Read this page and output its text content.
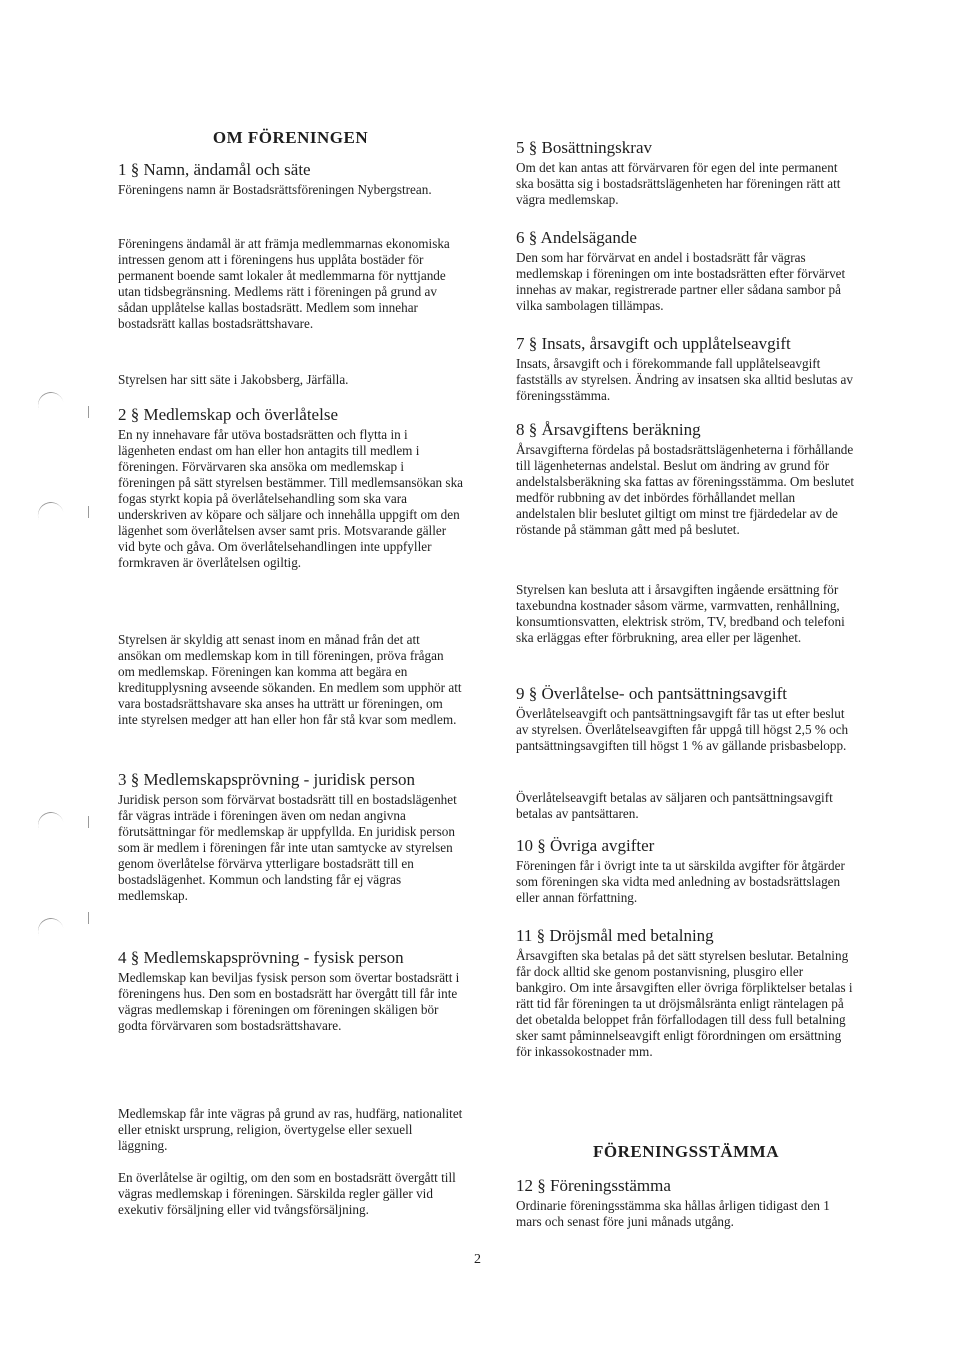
OM FÖRENINGEN
1 § Namn, ändamål och säte

Föreningens namn är Bostadsrättsföreningen Nybergstrean.

Föreningens ändamål är att främja medlemmarnas ekonomiska intressen genom att i föreningens hus upplåta bostäder för permanent boende samt lokaler åt medlemmarna för nyttjande utan tidsbegränsning. Medlems rätt i föreningen på grund av sådan upplåtelse kallas bostadsrätt. Medlem som innehar bostadsrätt kallas bostadsrättshavare.

Styrelsen har sitt säte i Jakobsberg, Järfälla.

2 § Medlemskap och överlåtelse

En ny innehavare får utöva bostadsrätten och flytta in i lägenheten endast om han eller hon antagits till medlem i föreningen. Förvärvaren ska ansöka om medlemskap i föreningen på sätt styrelsen bestämmer. Till medlemsansökan ska fogas styrkt kopia på överlåtelsehandling som ska vara underskriven av köpare och säljare och innehålla uppgift om den lägenhet som överlåtelsen avser samt pris. Motsvarande gäller vid byte och gåva. Om överlåtelsehandlingen inte uppfyller formkraven är överlåtelsen ogiltig.

Styrelsen är skyldig att senast inom en månad från det att ansökan om medlemskap kom in till föreningen, pröva frågan om medlemskap. Föreningen kan komma att begära en kreditupplysning avseende sökanden. En medlem som upphör att vara bostadsrättshavare ska anses ha utträtt ur föreningen, om inte styrelsen medger att han eller hon får stå kvar som medlem.

3 § Medlemskapsprövning - juridisk person

Juridisk person som förvärvat bostadsrätt till en bostadslägenhet får vägras inträde i föreningen även om nedan angivna förutsättningar för medlemskap är uppfyllda. En juridisk person som är medlem i föreningen får inte utan samtycke av styrelsen genom överlåtelse förvärva ytterligare bostadsrätt till en bostadslägenhet. Kommun och landsting får ej vägras medlemskap.

4 § Medlemskapsprövning - fysisk person

Medlemskap kan beviljas fysisk person som övertar bostadsrätt i föreningens hus. Den som en bostadsrätt har övergått till får inte vägras medlemskap i föreningen om föreningen skäligen bör godta förvärvaren som bostadsrättshavare.

Medlemskap får inte vägras på grund av ras, hudfärg, nationalitet eller etniskt ursprung, religion, övertygelse eller sexuell läggning.

En överlåtelse är ogiltig, om den som en bostadsrätt övergått till vägras medlemskap i föreningen. Särskilda regler gäller vid exekutiv försäljning eller vid tvångsförsäljning.

5 § Bosättningskrav

Om det kan antas att förvärvaren för egen del inte permanent ska bosätta sig i bostadsrättslägenheten har föreningen rätt att vägra medlemskap.

6 § Andelsägande

Den som har förvärvat en andel i bostadsrätt får vägras medlemskap i föreningen om inte bostadsrätten efter förvärvet innehas av makar, registrerade partner eller sådana sambor på vilka sambolagen tillämpas.

7 § Insats, årsavgift och upplåtelseavgift

Insats, årsavgift och i förekommande fall upplåtelseavgift fastställs av styrelsen. Ändring av insatsen ska alltid beslutas av föreningsstämma.

8 § Årsavgiftens beräkning

Årsavgifterna fördelas på bostadsrättslägenheterna i förhållande till lägenheternas andelstal. Beslut om ändring av grund för andelstalsberäkning ska fattas av föreningsstämma. Om beslutet medför rubbning av det inbördes förhållandet mellan andelstalen blir beslutet giltigt om minst tre fjärdedelar av de röstande på stämman gått med på beslutet.

Styrelsen kan besluta att i årsavgiften ingående ersättning för taxebundna kostnader såsom värme, varmvatten, renhållning, konsumtionsvatten, elektrisk ström, TV, bredband och telefoni ska erläggas efter förbrukning, area eller per lägenhet.

9 § Överlåtelse- och pantsättningsavgift

Överlåtelseavgift och pantsättningsavgift får tas ut efter beslut av styrelsen. Överlåtelseavgiften får uppgå till högst 2,5 % och pantsättningsavgiften till högst 1 % av gällande prisbasbelopp.

Överlåtelseavgift betalas av säljaren och pantsättningsavgift betalas av pantsättaren.

10 § Övriga avgifter

Föreningen får i övrigt inte ta ut särskilda avgifter för åtgärder som föreningen ska vidta med anledning av bostadsrättslagen eller annan författning.

11 § Dröjsmål med betalning

Årsavgiften ska betalas på det sätt styrelsen beslutar. Betalning får dock alltid ske genom postanvisning, plusgiro eller bankgiro. Om inte årsavgiften eller övriga förpliktelser betalas i rätt tid får föreningen ta ut dröjsmålsränta enligt räntelagen på det obetalda beloppet från förfallodagen till dess full betalning sker samt påminnelseavgift enligt förordningen om ersättning för inkassokostnader mm.

FÖRENINGSSTÄMMA
12 § Föreningsstämma

Ordinarie föreningsstämma ska hållas årligen tidigast den 1 mars och senast före juni månads utgång.

2
